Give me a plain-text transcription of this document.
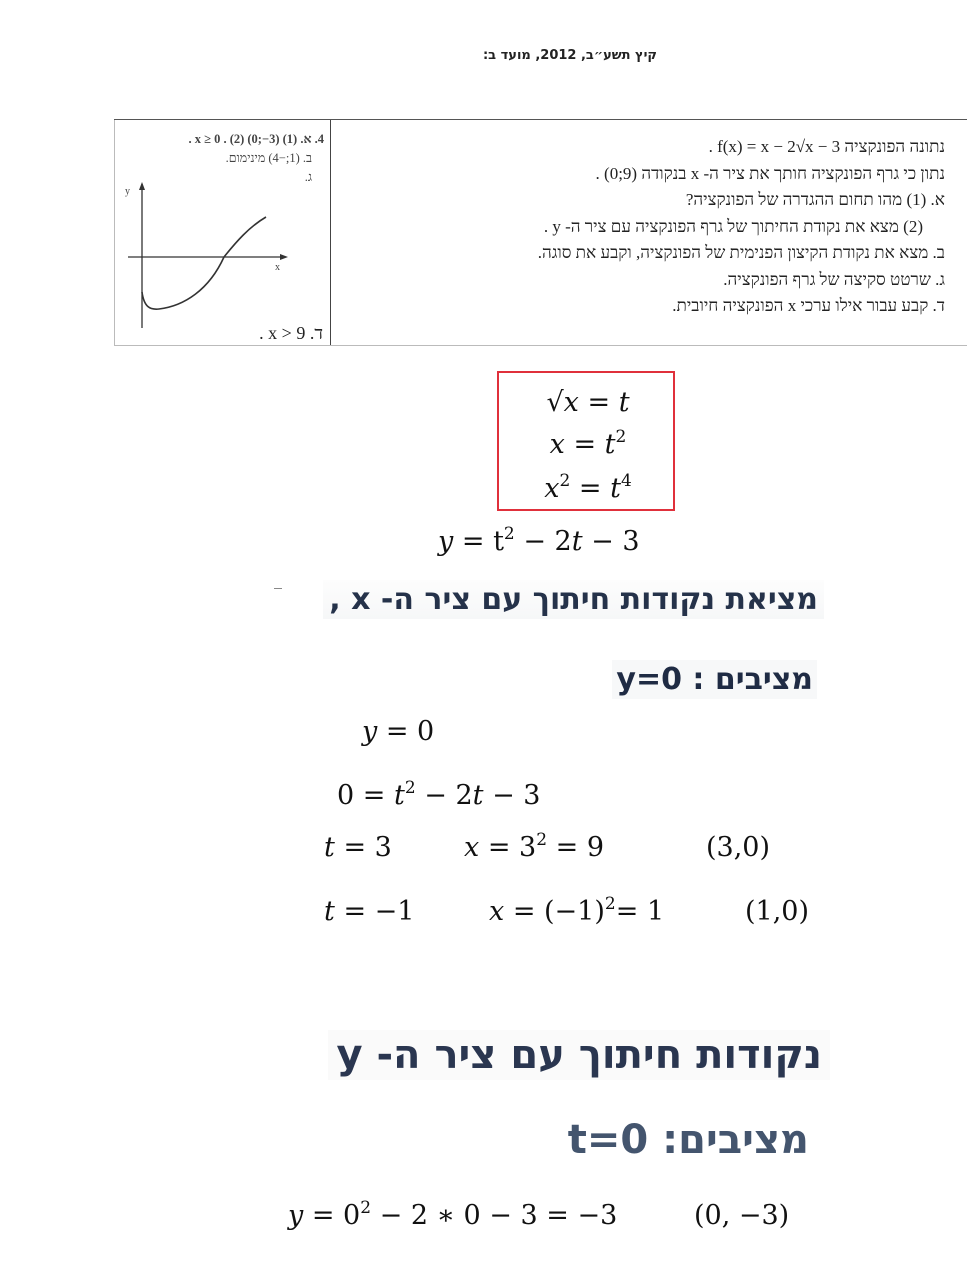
קיץ תשע״ב, 2012, מועד ב:
נתונה הפונקציה f(x) = x − 2√x − 3 .
נתון כי גרף הפונקציה חותך את ציר ה- x בנקודה (9;0) .
א. (1) מהו תחום ההגדרה של הפונקציה?
(2) מצא את נקודת החיתוך של גרף הפונקציה עם ציר ה- y .
ב. מצא את נקודת הקיצון הפנימית של הפונקציה, וקבע את סוגה.
ג. שרטט סקיצה של גרף הפונקציה.
ד. קבע עבור אילו ערכי x הפונקציה חיובית.
4. א. (1) x ≥ 0 . (2) (0;−3) .
ב. (1;−4) מינימום.
ג.
y
x
ד. x > 9 .
√x = t
$x = t^2$
$x^2 = t^4$
$y = t^2 - 2t - 3$
מציאת נקודות חיתוך עם ציר ה- x ,
מציבים : y=0
y = 0
$0 = t^2 - 2t - 3$
t = 3	$x = 3^2 = 9$	(3,0)
t = −1	$x = (-1)^2= 1$	(1,0)
נקודות חיתוך עם ציר ה- y
מציבים: t=0
$y = 0^2 - 2$ ∗ 0 − 3 = −3	(0, −3)
